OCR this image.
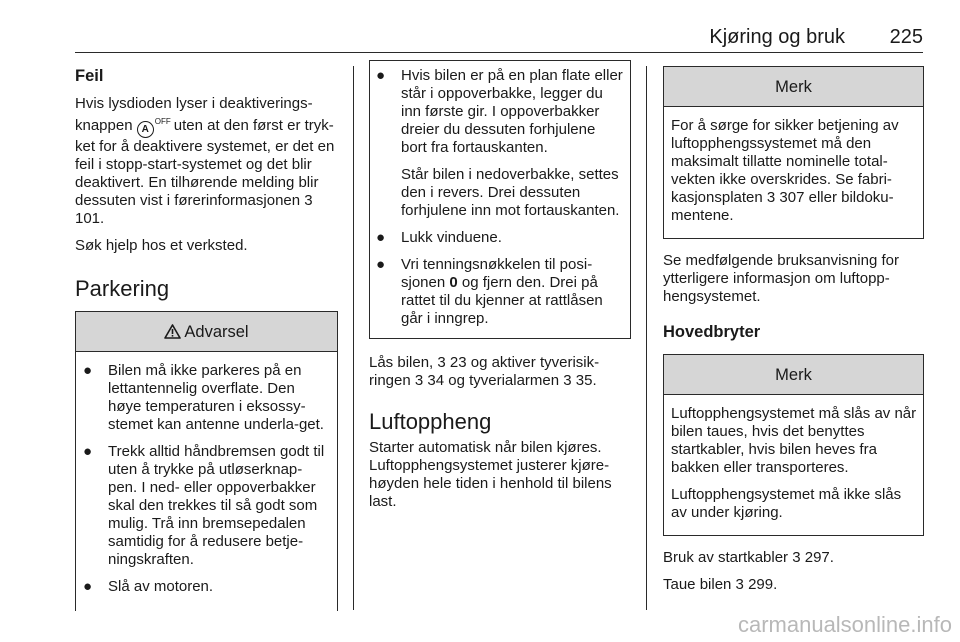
Kjøring og bruk 225
Feil

Hvis lysdioden lyser i deaktiverings-knappen $A^{OFF}$ uten at den først er tryk-ket for å deaktivere systemet, er det en feil i stopp-start-systemet og det blir deaktivert. En tilhørende melding blir dessuten vist i førerinformasjonen 3 101.

Søk hjelp hos et verksted.

Parkering
Advarsel
● Bilen må ikke parkeres på en lettantennelig overflate. Den høye temperaturen i eksossy-stemet kan antenne underla-get.
● Trekk alltid håndbremsen godt til uten å trykke på utløserknap-pen. I ned- eller oppoverbakker skal den trekkes til så godt som mulig. Trå inn bremsepedalen samtidig for å redusere betje-ningskraften.
● Slå av motoren.
● Hvis bilen er på en plan flate eller står i oppoverbakke, legger du inn første gir. I oppoverbakker dreier du dessuten forhjulene bort fra fortauskanten.
Står bilen i nedoverbakke, settes den i revers. Drei dessuten forhjulene inn mot fortauskanten.
● Lukk vinduene.
● Vri tenningsnøkkelen til posi-sjonen 0 og fjern den. Drei på rattet til du kjenner at rattlåsen går i inngrep.

Lås bilen, 3 23 og aktiver tyverisik-ringen 3 34 og tyverialarmen 3 35.

Luftoppheng

Starter automatisk når bilen kjøres. Luftopphengsystemet justerer kjøre-høyden hele tiden i henhold til bilens last.

Merk

For å sørge for sikker betjening av luftopphengssystemet må den maksimalt tillatte nominelle total-vekten ikke overskrides. Se fabri-kasjonsplaten 3 307 eller bildoku-mentene.

Se medfølgende bruksanvisning for ytterligere informasjon om luftopp-hengsystemet.

Hovedbryter
Merk

Luftopphengsystemet må slås av når bilen taues, hvis det benyttes startkabler, hvis bilen heves fra bakken eller transporteres.

Luftopphengsystemet må ikke slås av under kjøring.

Bruk av startkabler 3 297.

Taue bilen 3 299.

carmanualsonline.info
